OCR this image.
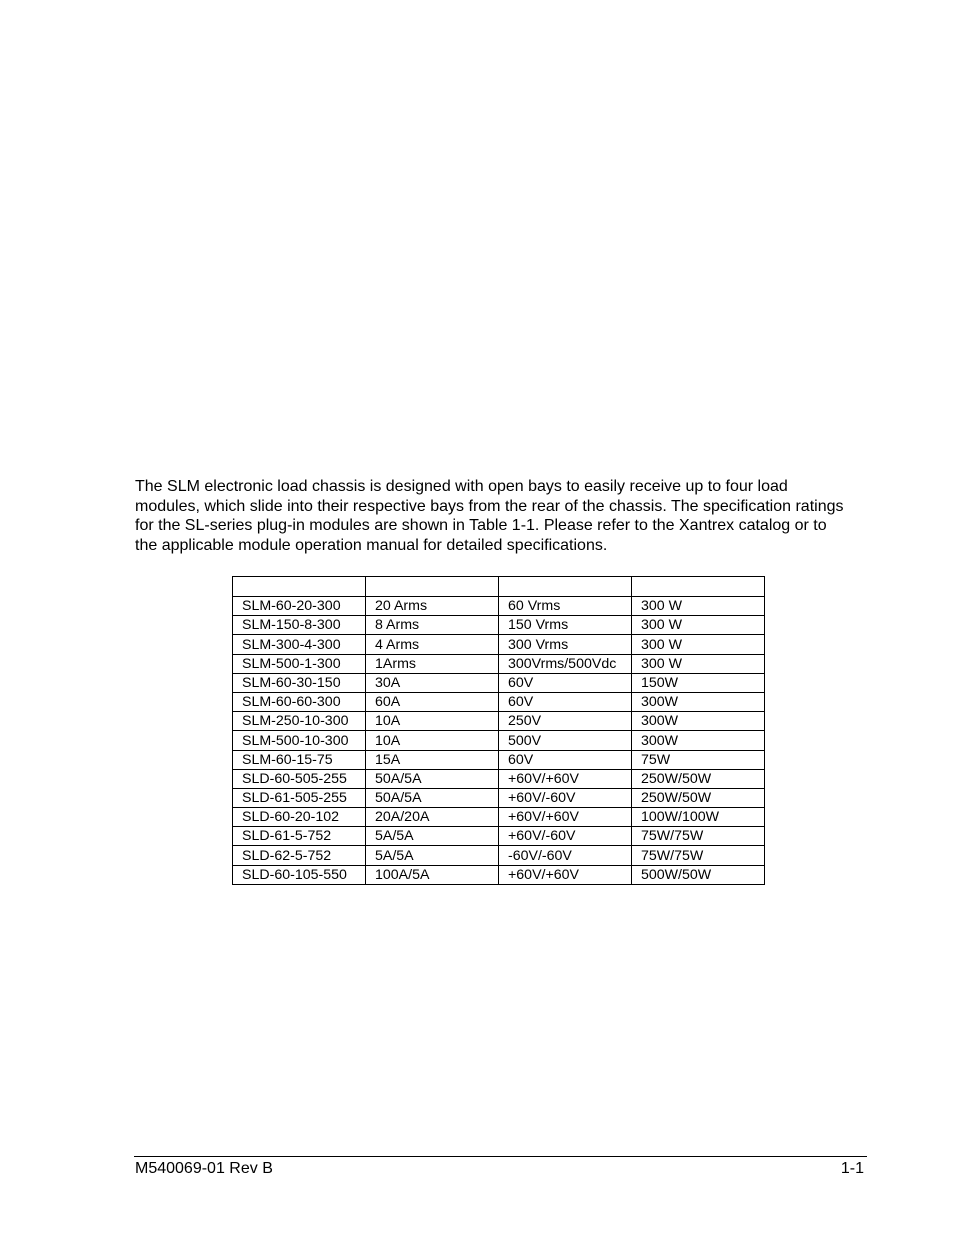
The SLM electronic load chassis is designed with open bays to easily receive up to four load modules, which slide into their respective bays from the rear of the chassis. The specification ratings for the SL-series plug-in modules are shown in Table 1-1. Please refer to the Xantrex catalog or to the applicable module operation manual for detailed specifications.

SLM-60-20-300	20 Arms	60 Vrms	300 W
SLM-150-8-300	8 Arms	150 Vrms	300 W
SLM-300-4-300	4 Arms	300 Vrms	300 W
SLM-500-1-300	1Arms	300Vrms/500Vdc	300 W
SLM-60-30-150	30A	60V	150W
SLM-60-60-300	60A	60V	300W
SLM-250-10-300	10A	250V	300W
SLM-500-10-300	10A	500V	300W
SLM-60-15-75	15A	60V	75W
SLD-60-505-255	50A/5A	+60V/+60V	250W/50W
SLD-61-505-255	50A/5A	+60V/-60V	250W/50W
SLD-60-20-102	20A/20A	+60V/+60V	100W/100W
SLD-61-5-752	5A/5A	+60V/-60V	75W/75W
SLD-62-5-752	5A/5A	-60V/-60V	75W/75W
SLD-60-105-550	100A/5A	+60V/+60V	500W/50W
M540069-01 Rev B	1-1
